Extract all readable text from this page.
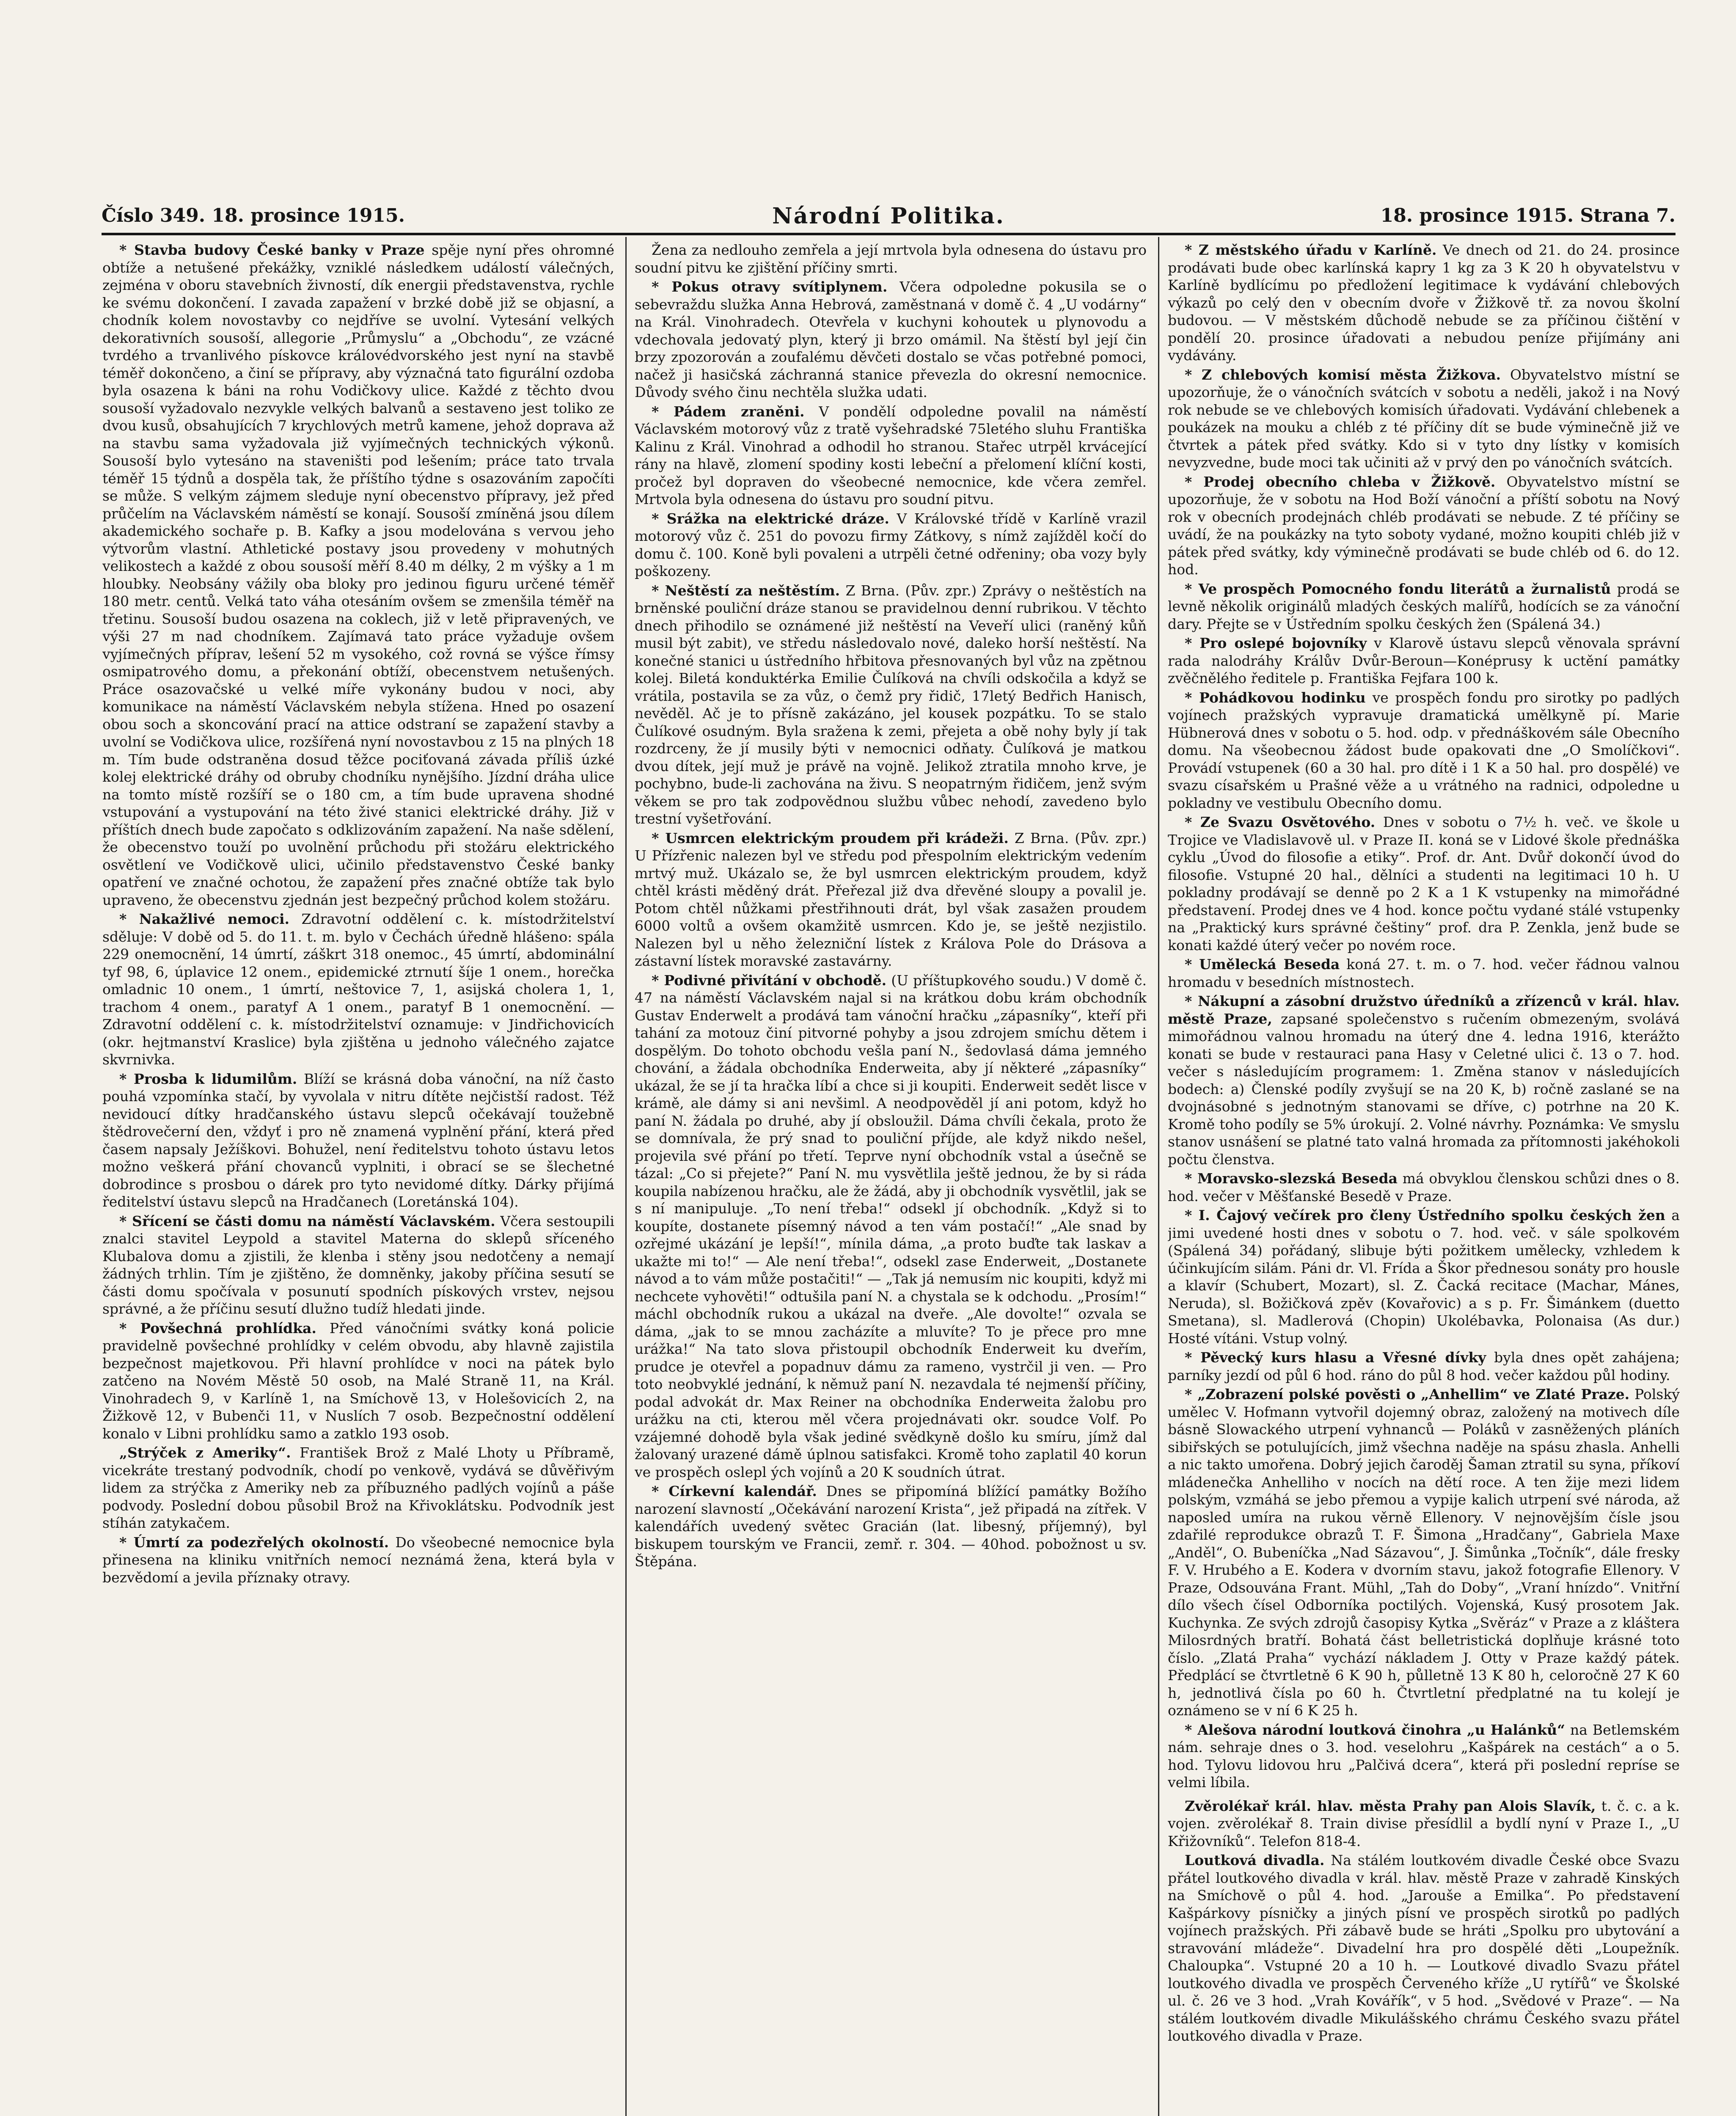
Číslo 349. 18. prosince 1915.	Národní Politika.	18. prosince 1915. Strana 7.

* Stavba budovy České banky v Praze spěje nyní přes ohromné obtíže a netušené překážky, vzniklé následkem událostí válečných, zejména v oboru stavebních živností, dík energii představenstva, rychle ke svému dokončení. I zavada zapažení v brzké době již se objasní, a chodník kolem novostavby co nejdříve se uvolní. Vytesání velkých dekorativních sousoší, allegorie „Průmyslu“ a „Obchodu“, ze vzácné tvrdého a trvanlivého pískovce královédvorského jest nyní na stavbě téměř dokončeno, a činí se přípravy, aby význačná tato figurální ozdoba byla osazena k báni na rohu Vodičkovy ulice. Každé z těchto dvou sousoší vyžadovalo nezvykle velkých balvanů a sestaveno jest toliko ze dvou kusů, obsahujících 7 krychlových metrů kamene, jehož doprava až na stavbu sama vyžadovala již vyjímečných technických výkonů. Sousoší bylo vytesáno na staveništi pod lešením; práce tato trvala téměř 15 týdnů a dospěla tak, že příštího týdne s osazováním započíti se může. S velkým zájmem sleduje nyní obecenstvo přípravy, jež před průčelím na Václavském náměstí se konají. Sousoší zmíněná jsou dílem akademického sochaře p. B. Kafky a jsou modelována s vervou jeho výtvorům vlastní. Athletické postavy jsou provedeny v mohutných velikostech a každé z obou sousoší měří 8.40 m délky, 2 m výšky a 1 m hloubky. Neobsány vážily oba bloky pro jedinou figuru určené téměř 180 metr. centů. Velká tato váha otesáním ovšem se zmenšila téměř na třetinu. Sousoší budou osazena na coklech, již v letě připravených, ve výši 27 m nad chodníkem. Zajímavá tato práce vyžaduje ovšem vyjímečných příprav, lešení 52 m vysokého, což rovná se výšce římsy osmipatrového domu, a překonání obtíží, obecenstvem netušených. Práce osazovačské u velké míře vykonány budou v noci, aby komunikace na náměstí Václavském nebyla stížena. Hned po osazení obou soch a skoncování prací na attice odstraní se zapažení stavby a uvolní se Vodičkova ulice, rozšířená nyní novostavbou z 15 na plných 18 m. Tím bude odstraněna dosud těžce pociťovaná závada příliš úzké kolej elektrické dráhy od obruby chodníku nynějšího. Jízdní dráha ulice na tomto místě rozšíří se o 180 cm, a tím bude upravena shodné vstupování a vystupování na této živé stanici elektrické dráhy. Již v příštích dnech bude započato s odklizováním zapažení. Na naše sdělení, že obecenstvo touží po uvolnění průchodu při stožáru elektrického osvětlení ve Vodičkově ulici, učinilo představenstvo České banky opatření ve značné ochotou, že zapažení přes značné obtíže tak bylo upraveno, že obecenstvu zjednán jest bezpečný průchod kolem stožáru.

* Nakažlivé nemoci. Zdravotní oddělení c. k. místodržitelství sděluje: V době od 5. do 11. t. m. bylo v Čechách úředně hlášeno: spála 229 onemocnění, 14 úmrtí, záškrt 318 onemoc., 45 úmrtí, abdominální tyf 98, 6, úplavice 12 onem., epidemické ztrnutí šíje 1 onem., horečka omladnic 10 onem., 1 úmrtí, neštovice 7, 1, asijská cholera 1, 1, trachom 4 onem., paratyf A 1 onem., paratyf B 1 onemocnění. — Zdravotní oddělení c. k. místodržitelství oznamuje: v Jindřichovicích (okr. hejtmanství Kraslice) byla zjištěna u jednoho válečného zajatce skvrnivka.

* Prosba k lidumilům. Blíží se krásná doba vánoční, na níž často pouhá vzpomínka stačí, by vyvolala v nitru dítěte nejčistší radost. Též nevidoucí dítky hradčanského ústavu slepců očekávají toužebně štědrovečerní den, vždyť i pro ně znamená vyplnění přání, která před časem napsaly Ježíškovi. Bohužel, není ředitelstvu tohoto ústavu letos možno veškerá přání chovanců vyplniti, i obrací se se šlechetné dobrodince s prosbou o dárek pro tyto nevidomé dítky. Dárky přijímá ředitelství ústavu slepců na Hradčanech (Loretánská 104).

* Sřícení se části domu na náměstí Václavském. Včera sestoupili znalci stavitel Leypold a stavitel Materna do sklepů sříceného Klubalova domu a zjistili, že klenba i stěny jsou nedotčeny a nemají žádných trhlin. Tím je zjištěno, že domněnky, jakoby příčina sesutí se části domu spočívala v posunutí spodních pískových vrstev, nejsou správné, a že příčinu sesutí dlužno tudíž hledati jinde.

* Povšechná prohlídka. Před vánočními svátky koná policie pravidelně povšechné prohlídky v celém obvodu, aby hlavně zajistila bezpečnost majetkovou. Při hlavní prohlídce v noci na pátek bylo zatčeno na Novém Městě 50 osob, na Malé Straně 11, na Král. Vinohradech 9, v Karlíně 1, na Smíchově 13, v Holešovicích 2, na Žižkově 12, v Bubenči 11, v Nuslích 7 osob. Bezpečnostní oddělení konalo v Libni prohlídku samo a zatklo 193 osob.

„Strýček z Ameriky“. František Brož z Malé Lhoty u Příbramě, vicekráte trestaný podvodník, chodí po venkově, vydává se důvěřivým lidem za strýčka z Ameriky neb za příbuzného padlých vojínů a páše podvody. Poslední dobou působil Brož na Křivoklátsku. Podvodník jest stíhán zatykačem.

* Úmrtí za podezřelých okolností. Do všeobecné nemocnice byla přinesena na kliniku vnitřních nemocí neznámá žena, která byla v bezvědomí a jevila příznaky otravy.

Žena za nedlouho zemřela a její mrtvola byla odnesena do ústavu pro soudní pitvu ke zjištění příčiny smrti.

* Pokus otravy svítiplynem. Včera odpoledne pokusila se o sebevraždu služka Anna Hebrová, zaměstnaná v domě č. 4 „U vodárny“ na Král. Vinohradech. Otevřela v kuchyni kohoutek u plynovodu a vdechovala jedovatý plyn, který ji brzo omámil. Na štěstí byl její čin brzy zpozorován a zoufalému děvčeti dostalo se včas potřebné pomoci, načež ji hasičská záchranná stanice převezla do okresní nemocnice. Důvody svého činu nechtěla služka udati.

* Pádem zraněni. V pondělí odpoledne povalil na náměstí Václavském motorový vůz z tratě vyšehradské 75letého sluhu Františka Kalinu z Král. Vinohrad a odhodil ho stranou. Stařec utrpěl krvácející rány na hlavě, zlomení spodiny kosti lebeční a přelomení klíční kosti, pročež byl dopraven do všeobecné nemocnice, kde včera zemřel. Mrtvola byla odnesena do ústavu pro soudní pitvu.

* Srážka na elektrické dráze. V Královské třídě v Karlíně vrazil motorový vůz č. 251 do povozu firmy Zátkovy, s nímž zajížděl kočí do domu č. 100. Koně byli povaleni a utrpěli četné odřeniny; oba vozy byly poškozeny.

* Neštěstí za neštěstím. Z Brna. (Pův. zpr.) Zprávy o neštěstích na brněnské pouliční dráze stanou se pravidelnou denní rubrikou. V těchto dnech přihodilo se oznámené již neštěstí na Veveří ulici (raněný kůň musil být zabit), ve středu následovalo nové, daleko horší neštěstí. Na konečné stanici u ústředního hřbitova přesnovaných byl vůz na zpětnou kolej. Biletá konduktérka Emilie Čulíková na chvíli odskočila a když se vrátila, postavila se za vůz, o čemž pry řidič, 17letý Bedřich Hanisch, nevěděl. Ač je to přísně zakázáno, jel kousek pozpátku. To se stalo Čulíkové osudným. Byla sražena k zemi, přejeta a obě nohy byly jí tak rozdrceny, že jí musily býti v nemocnici odňaty. Čulíková je matkou dvou dítek, její muž je právě na vojně. Jelikož ztratila mnoho krve, je pochybno, bude-li zachována na živu. S neopatrným řidičem, jenž svým věkem se pro tak zodpovědnou službu vůbec nehodí, zavedeno bylo trestní vyšetřování.

* Usmrcen elektrickým proudem při krádeži. Z Brna. (Pův. zpr.) U Přízřenic nalezen byl ve středu pod přespolním elektrickým vedením mrtvý muž. Ukázalo se, že byl usmrcen elektrickým proudem, když chtěl krásti měděný drát. Přeřezal již dva dřevěné sloupy a povalil je. Potom chtěl nůžkami přestřihnouti drát, byl však zasažen proudem 6000 voltů a ovšem okamžitě usmrcen. Kdo je, se ještě nezjistilo. Nalezen byl u něho železniční lístek z Králova Pole do Drásova a zástavní lístek moravské zastavárny.

* Podivné přivítání v obchodě. (U příštupkového soudu.) V domě č. 47 na náměstí Václavském najal si na krátkou dobu krám obchodník Gustav Enderwelt a prodává tam vánoční hračku „zápasníky“, kteří při tahání za motouz činí pitvorné pohyby a jsou zdrojem smíchu dětem i dospělým. Do tohoto obchodu vešla paní N., šedovlasá dáma jemného chování, a žádala obchodníka Enderweita, aby jí některé „zápasníky“ ukázal, že se jí ta hračka líbí a chce si ji koupiti. Enderweit sedět lisce v krámě, ale dámy si ani nevšiml. A neodpověděl jí ani potom, když ho paní N. žádala po druhé, aby jí obsloužil. Dáma chvíli čekala, proto že se domnívala, že prý snad to pouliční příjde, ale když nikdo nešel, projevila své přání po třetí. Teprve nyní obchodník vstal a úsečně se tázal: „Co si přejete?“ Paní N. mu vysvětlila ještě jednou, že by si ráda koupila nabízenou hračku, ale že žádá, aby ji obchodník vysvětlil, jak se s ní manipuluje. „To není třeba!“ odsekl jí obchodník. „Když si to koupíte, dostanete písemný návod a ten vám postačí!“ „Ale snad by ozřejmé ukázání je lepší!“, mínila dáma, „a proto buďte tak laskav a ukažte mi to!“ — Ale není třeba!“, odsekl zase Enderweit, „Dostanete návod a to vám může postačiti!“ — „Tak já nemusím nic koupiti, když mi nechcete vyhověti!“ odtušila paní N. a chystala se k odchodu. „Prosím!“ máchl obchodník rukou a ukázal na dveře. „Ale dovolte!“ ozvala se dáma, „jak to se mnou zacházíte a mluvíte? To je přece pro mne urážka!“ Na tato slova přistoupil obchodník Enderweit ku dveřím, prudce je otevřel a popadnuv dámu za rameno, vystrčil ji ven. — Pro toto neobvyklé jednání, k němuž paní N. nezavdala té nejmenší příčiny, podal advokát dr. Max Reiner na obchodníka Enderweita žalobu pro urážku na cti, kterou měl včera projednávati okr. soudce Volf. Po vzájemné dohodě byla však jediné svědkyně došlo ku smíru, jímž dal žalovaný urazené dámě úplnou satisfakci. Kromě toho zaplatil 40 korun ve prospěch oslepl ých vojínů a 20 K soudních útrat.

* Církevní kalendář. Dnes se připomíná blížící památky Božího narození slavností „Očekávání narození Krista“, jež připadá na zítřek. V kalendářích uvedený světec Gracián (lat. libesný, příjemný), byl biskupem tourským ve Francii, zemř. r. 304. — 40hod. pobožnost u sv. Štěpána.

* Z městského úřadu v Karlíně. Ve dnech od 21. do 24. prosince prodávati bude obec karlínská kapry 1 kg za 3 K 20 h obyvatelstvu v Karlíně bydlícímu po předložení legitimace k vydávání chlebových výkazů po celý den v obecním dvoře v Žižkově tř. za novou školní budovou. — V městském důchodě nebude se za příčinou čištění v pondělí 20. prosince úřadovati a nebudou peníze přijímány ani vydávány.

* Z chlebových komisí města Žižkova. Obyvatelstvo místní se upozorňuje, že o vánočních svátcích v sobotu a neděli, jakož i na Nový rok nebude se ve chlebových komisích úřadovati. Vydávání chlebenek a poukázek na mouku a chléb z té příčiny dít se bude výminečně již ve čtvrtek a pátek před svátky. Kdo si v tyto dny lístky v komisích nevyzvedne, bude moci tak učiniti až v prvý den po vánočních svátcích.

* Prodej obecního chleba v Žižkově. Obyvatelstvo místní se upozorňuje, že v sobotu na Hod Boží vánoční a příští sobotu na Nový rok v obecních prodejnách chléb prodávati se nebude. Z té příčiny se uvádí, že na poukázky na tyto soboty vydané, možno koupiti chléb již v pátek před svátky, kdy výminečně prodávati se bude chléb od 6. do 12. hod.

* Ve prospěch Pomocného fondu literátů a žurnalistů prodá se levně několik originálů mladých českých malířů, hodících se za vánoční dary. Přejte se v Ústředním spolku českých žen (Spálená 34.)

* Pro oslepé bojovníky v Klarově ústavu slepců věnovala správní rada nalodráhy Králův Dvůr-Beroun—Konéprusy k uctění památky zvěčnělého ředitele p. Františka Fejfara 100 k.

* Pohádkovou hodinku ve prospěch fondu pro sirotky po padlých vojínech pražských vypravuje dramatická umělkyně pí. Marie Hübnerová dnes v sobotu o 5. hod. odp. v přednáškovém sále Obecního domu. Na všeobecnou žádost bude opakovati dne „O Smolíčkovi“. Provádí vstupenek (60 a 30 hal. pro dítě i 1 K a 50 hal. pro dospělé) ve svazu císařském u Prašné věže a u vrátného na radnici, odpoledne u pokladny ve vestibulu Obecního domu.

* Ze Svazu Osvětového. Dnes v sobotu o 7½ h. več. ve škole u Trojice ve Vladislavově ul. v Praze II. koná se v Lidové škole přednáška cyklu „Úvod do filosofie a etiky“. Prof. dr. Ant. Dvůř dokončí úvod do filosofie. Vstupné 20 hal., dělníci a studenti na legitimaci 10 h. U pokladny prodávají se denně po 2 K a 1 K vstupenky na mimořádné představení. Prodej dnes ve 4 hod. konce počtu vydané stálé vstupenky na „Praktický kurs správné češtiny“ prof. dra P. Zenkla, jenž bude se konati každé úterý večer po novém roce.

* Umělecká Beseda koná 27. t. m. o 7. hod. večer řádnou valnou hromadu v besedních místnostech.

* Nákupní a zásobní družstvo úředníků a zřízenců v král. hlav. městě Praze, zapsané společenstvo s ručením obmezeným, svolává mimořádnou valnou hromadu na úterý dne 4. ledna 1916, kterážto konati se bude v restauraci pana Hasy v Celetné ulici č. 13 o 7. hod. večer s následujícím programem: 1. Změna stanov v následujících bodech: a) Členské podíly zvyšují se na 20 K, b) ročně zaslané se na dvojnásobné s jednotným stanovami se dříve, c) potrhne na 20 K. Kromě toho podíly se 5% úrokují. 2. Volné návrhy. Poznámka: Ve smyslu stanov usnášení se platné tato valná hromada za přítomnosti jakéhokoli počtu členstva.

* Moravsko-slezská Beseda má obvyklou členskou schůzi dnes o 8. hod. večer v Měšťanské Besedě v Praze.

* I. Čajový večírek pro členy Ústředního spolku českých žen a jimi uvedené hosti dnes v sobotu o 7. hod. več. v sále spolkovém (Spálená 34) pořádaný, slibuje býti požitkem umělecky, vzhledem k účinkujícím silám. Páni dr. Vl. Frída a Škor přednesou sonáty pro housle a klavír (Schubert, Mozart), sl. Z. Čacká recitace (Machar, Mánes, Neruda), sl. Božičková zpěv (Kovařovic) a s p. Fr. Šimánkem (duetto Smetana), sl. Madlerová (Chopin) Ukolébavka, Polonaisa (As dur.) Hosté vítáni. Vstup volný.

* Pěvecký kurs hlasu a Vřesné dívky byla dnes opět zahájena; parníky jezdí od půl 6 hod. ráno do půl 8 hod. večer každou půl hodiny.

* „Zobrazení polské pověsti o „Anhellim“ ve Zlaté Praze. Polský umělec V. Hofmann vytvořil dojemný obraz, založený na motivech díle básně Slowackého utrpení vyhnanců — Poláků v zasněžených pláních sibiřských se potulujících, jimž všechna naděje na spásu zhasla. Anhelli a nic takto umořena. Dobrý jejich čaroděj Šaman ztratil su syna, příkoví mládenečka Anhelliho v nocích na dětí roce. A ten žije mezi lidem polským, vzmáhá se jebo přemou a vypije kalich utrpení své národa, až naposled umíra na rukou věrně Ellenory. V nejnovějším čísle jsou zdařilé reprodukce obrazů T. F. Šimona „Hradčany“, Gabriela Maxe „Anděl“, O. Bubeníčka „Nad Sázavou“, J. Šimůnka „Točník“, dále fresky F. V. Hrubého a E. Kodera v dvorním stavu, jakož fotografie Ellenory. V Praze, Odsouvána Frant. Mühl, „Tah do Doby“, „Vraní hnízdo“. Vnitřní dílo všech čísel Odborníka poctilých. Vojenská, Kusý prosotem Jak. Kuchynka. Ze svých zdrojů časopisy Kytka „Svěráz“ v Praze a z kláštera Milosrdných bratří. Bohatá část belletristická doplňuje krásné toto číslo. „Zlatá Praha“ vychází nákladem J. Otty v Praze každý pátek. Předplácí se čtvrtletně 6 K 90 h, půlletně 13 K 80 h, celoročně 27 K 60 h, jednotlivá čísla po 60 h. Čtvrtletní předplatné na tu kolejí je oznámeno se v ní 6 K 25 h.

* Alešova národní loutková činohra „u Halánků“ na Betlemském nám. sehraje dnes o 3. hod. veselohru „Kašpárek na cestách“ a o 5. hod. Tylovu lidovou hru „Palčivá dcera“, která při poslední repríse se velmi líbila.

Zvěrolékař král. hlav. města Prahy pan Alois Slavík, t. č. c. a k. vojen. zvěrolékař 8. Train divise přesídlil a bydlí nyní v Praze I., „U Křižovníků“. Telefon 818-4.

Loutková divadla. Na stálém loutkovém divadle České obce Svazu přátel loutkového divadla v král. hlav. městě Praze v zahradě Kinských na Smíchově o půl 4. hod. „Jarouše a Emilka“. Po představení Kašpárkovy písničky a jiných písní ve prospěch sirotků po padlých vojínech pražských. Při zábavě bude se hráti „Spolku pro ubytování a stravování mládeže“. Divadelní hra pro dospělé děti „Loupežník. Chaloupka“. Vstupné 20 a 10 h. — Loutkové divadlo Svazu přátel loutkového divadla ve prospěch Červeného kříže „U rytířů“ ve Školské ul. č. 26 ve 3 hod. „Vrah Kovářík“, v 5 hod. „Svědové v Praze“. — Na stálém loutkovém divadle Mikulášského chrámu Českého svazu přátel loutkového divadla v Praze.
